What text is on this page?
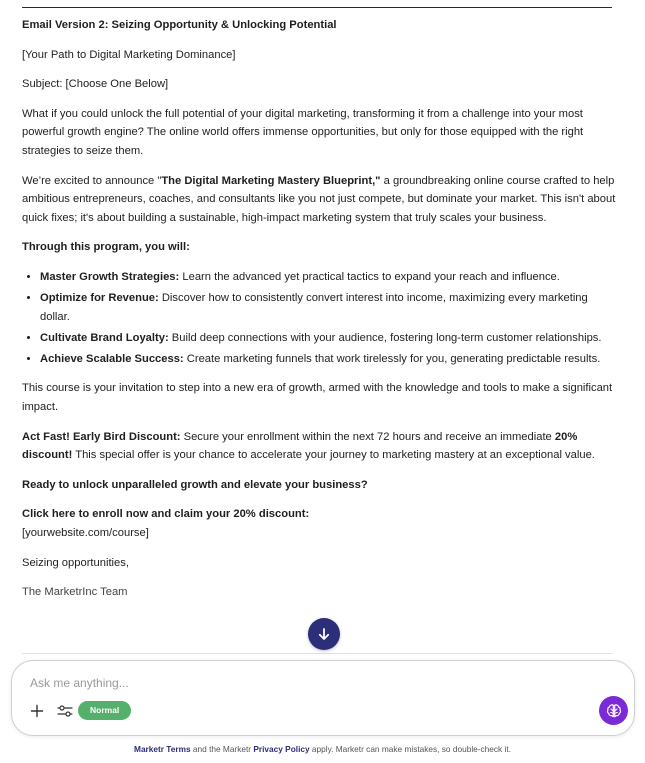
Email Version 2: Seizing Opportunity & Unlocking Potential

[Your Path to Digital Marketing Dominance]

Subject: [Choose One Below]

What if you could unlock the full potential of your digital marketing, transforming it from a challenge into your most powerful growth engine? The online world offers immense opportunities, but only for those equipped with the right strategies to seize them.

We’re excited to announce "The Digital Marketing Mastery Blueprint," a groundbreaking online course crafted to help ambitious entrepreneurs, coaches, and consultants like you not just compete, but dominate your market. This isn't about quick fixes; it's about building a sustainable, high-impact marketing system that truly scales your business.

Through this program, you will:

• Master Growth Strategies: Learn the advanced yet practical tactics to expand your reach and influence.
• Optimize for Revenue: Discover how to consistently convert interest into income, maximizing every marketing dollar.
• Cultivate Brand Loyalty: Build deep connections with your audience, fostering long-term customer relationships.
• Achieve Scalable Success: Create marketing funnels that work tirelessly for you, generating predictable results.

This course is your invitation to step into a new era of growth, armed with the knowledge and tools to make a significant impact.

Act Fast! Early Bird Discount: Secure your enrollment within the next 72 hours and receive an immediate 20% discount! This special offer is your chance to accelerate your journey to marketing mastery at an exceptional value.

Ready to unlock unparalleled growth and elevate your business?

Click here to enroll now and claim your 20% discount:
[yourwebsite.com/course]

Seizing opportunities,

The MarketrInc Team

Ask me anything...
Normal
Marketr Terms and the Marketr Privacy Policy apply. Marketr can make mistakes, so double-check it.
